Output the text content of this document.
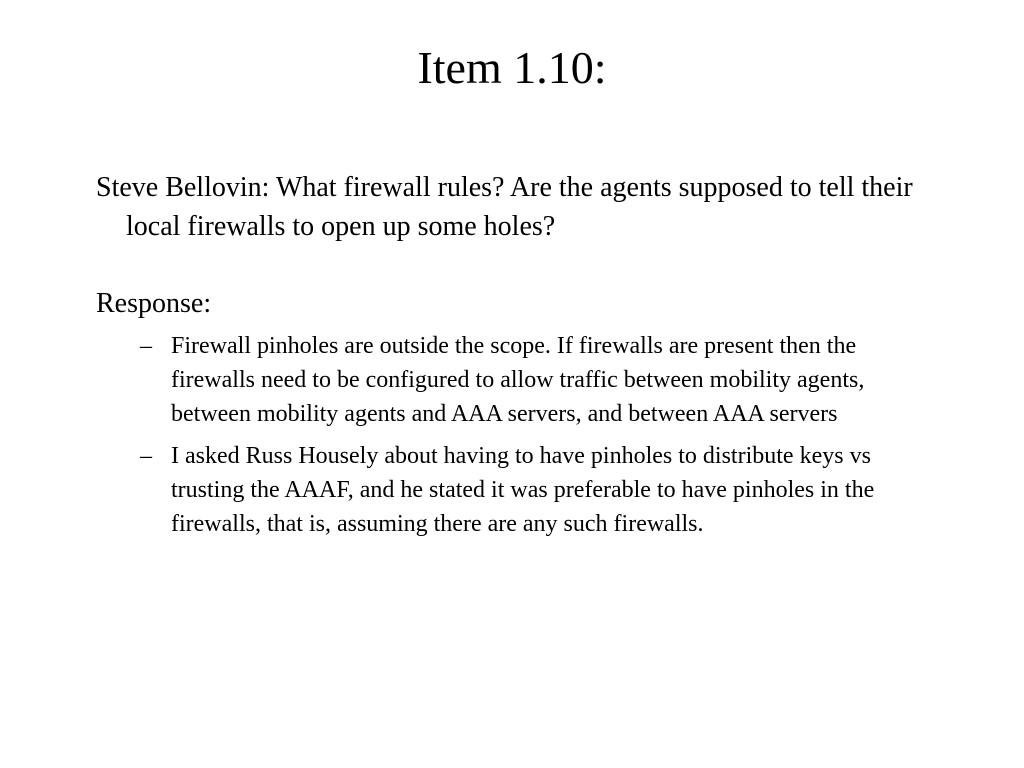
Item 1.10:

Steve Bellovin: What firewall rules? Are the agents supposed to tell their local firewalls to open up some holes?

Response:

– Firewall pinholes are outside the scope. If firewalls are present then the firewalls need to be configured to allow traffic between mobility agents, between mobility agents and AAA servers, and between AAA servers
– I asked Russ Housely about having to have pinholes to distribute keys vs trusting the AAAF, and he stated it was preferable to have pinholes in the firewalls, that is, assuming there are any such firewalls.
